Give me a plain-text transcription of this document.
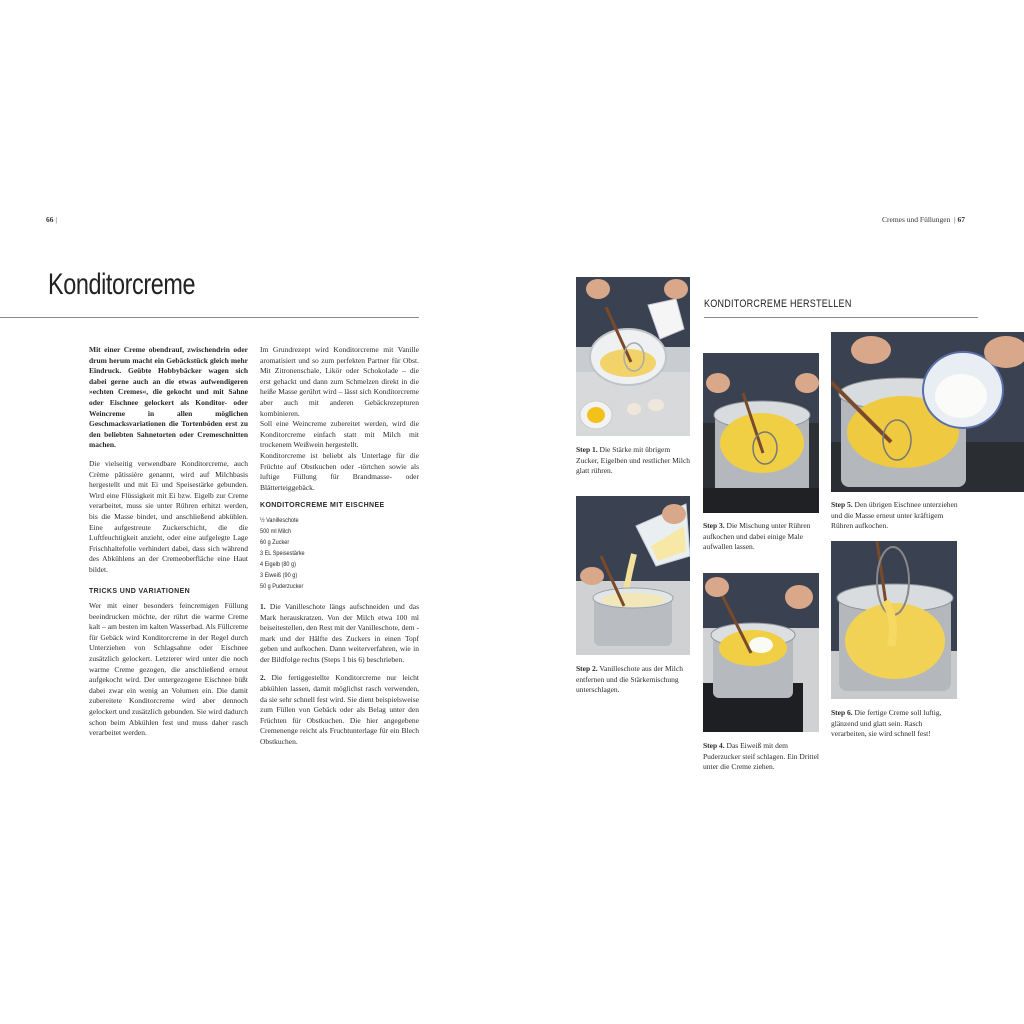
66 |
Konditorcreme

Mit einer Creme obendrauf, zwischendrin oder drum herum macht ein Gebäckstück gleich mehr Eindruck. Geübte Hobbybäcker wagen sich dabei gerne auch an die etwas aufwendigeren »echten Cremes«, die gekocht und mit Sahne oder Eischnee gelockert als Konditor- oder Weincreme in allen möglichen Geschmacksvariationen die Tortenböden erst zu den beliebten Sahnetorten oder Cremeschnitten machen.

Die vielseitig verwendbare Konditorcreme, auch Crème pâtissière genannt, wird auf Milchbasis hergestellt und mit Ei und Speisestärke gebunden. Wird eine Flüssigkeit mit Ei bzw. Eigelb zur Creme verarbeitet, muss sie unter Rühren erhitzt werden, bis die Masse bindet, und anschließend abkühlen. Eine aufgestreute Zuckerschicht, die die Luftfeuchtigkeit anzieht, oder eine aufgelegte Lage Frischhaltefolie verhindert dabei, dass sich während des Abkühlens an der Cremeoberfläche eine Haut bildet.

TRICKS UND VARIATIONEN

Wer mit einer besonders feincremigen Füllung beeindrucken möchte, der rührt die warme Creme kalt – am besten im kalten Wasserbad. Als Füllcreme für Gebäck wird Konditorcreme in der Regel durch Unterziehen von Schlagsahne oder Eischnee zusätzlich gelockert. Letzterer wird unter die noch warme Creme gezogen, die anschließend erneut aufgekocht wird. Der untergezogene Eischnee büßt dabei zwar ein wenig an Volumen ein. Die damit zubereitete Konditorcreme wird aber dennoch gelockert und zusätzlich gebunden. Sie wird dadurch schon beim Abkühlen fest und muss daher rasch verarbeitet werden.

Im Grundrezept wird Konditorcreme mit Vanille aromatisiert und so zum perfekten Partner für Obst. Mit Zitronenschale, Likör oder Schokolade – die erst gehackt und dann zum Schmelzen direkt in die heiße Masse gerührt wird – lässt sich Konditorcreme aber auch mit anderen Gebäckrezepturen kombinieren.

Soll eine Weincreme zubereitet werden, wird die Konditorcreme einfach statt mit Milch mit trockenem Weißwein hergestellt.

Konditorcreme ist beliebt als Unterlage für die Früchte auf Obstkuchen oder -törtchen sowie als luftige Füllung für Brandmasse- oder Blätterteiggebäck.

KONDITORCREME MIT EISCHNEE
½ Vanilleschote
500 ml Milch
60 g Zucker
3 EL Speisestärke
4 Eigelb (80 g)
3 Eiweiß (90 g)
50 g Puderzucker

1. Die Vanilleschote längs aufschneiden und das Mark herauskratzen. Von der Milch etwa 100 ml beiseitestellen, den Rest mit der Vanilleschote, dem -mark und der Hälfte des Zuckers in einen Topf geben und aufkochen. Dann weiterverfahren, wie in der Bildfolge rechts (Steps 1 bis 6) beschrieben.

2. Die fertiggestellte Konditorcreme nur leicht abkühlen lassen, damit möglichst rasch verwenden, da sie sehr schnell fest wird. Sie dient beispielsweise zum Füllen von Gebäck oder als Belag unter den Früchten für Obstkuchen. Die hier angegebene Cremenenge reicht als Fruchtunterlage für ein Blech Obstkuchen.

Cremes und Füllungen  | 67
KONDITORCREME HERSTELLEN
Step 1. Die Stärke mit übrigem Zucker, Eigelben und restlicher Milch glatt rühren.
Step 2. Vanilleschote aus der Milch entfernen und die Stärkemischung unterschlagen.
Step 3. Die Mischung unter Rühren aufkochen und dabei einige Male aufwallen lassen.
Step 4. Das Eiweiß mit dem Puderzucker steif schlagen. Ein Drittel unter die Creme ziehen.
Step 5. Den übrigen Eischnee unterziehen und die Masse erneut unter kräftigem Rühren aufkochen.
Step 6. Die fertige Creme soll luftig, glänzend und glatt sein. Rasch verarbeiten, sie wird schnell fest!
